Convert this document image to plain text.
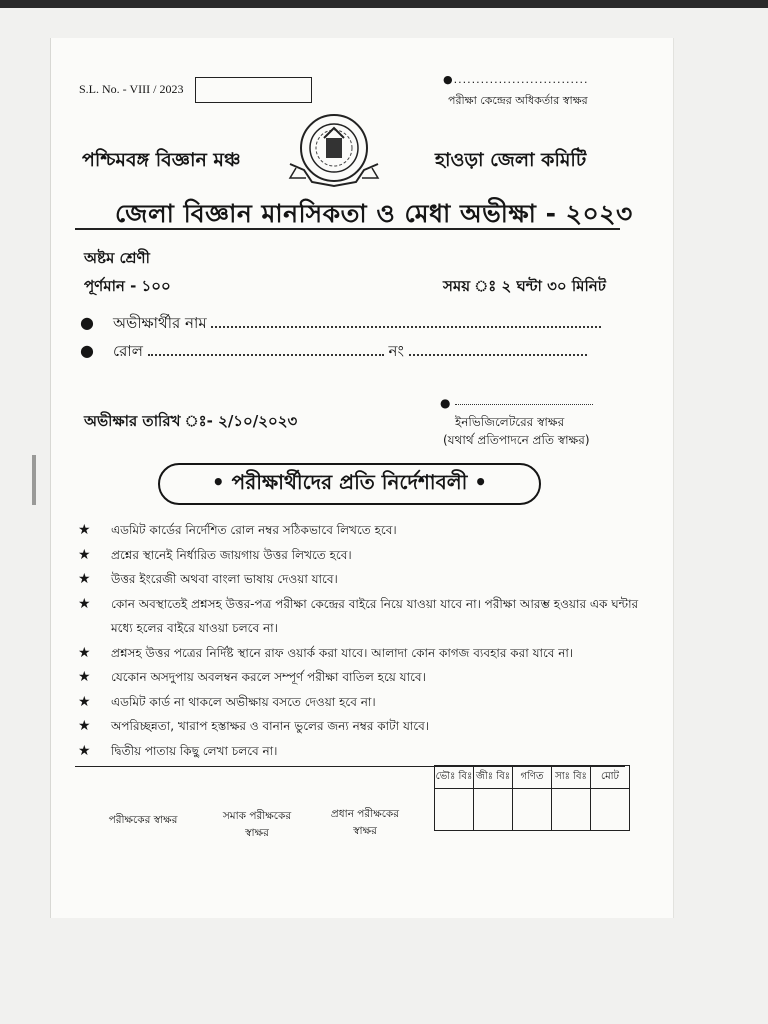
S.L. No. - VIII / 2023
●..............................
পরীক্ষা কেন্দ্রের অধিকর্তার স্বাক্ষর
পশ্চিমবঙ্গ বিজ্ঞান মঞ্চ	হাওড়া জেলা কমিটি
জেলা বিজ্ঞান মানসিকতা ও মেধা অভীক্ষা - ২০২৩
অষ্টম শ্রেণী
পূর্ণমান - ১০০	সময় ঃ ২ ঘন্টা ৩০ মিনিট
● অভীক্ষার্থীর নাম
● রোল	নং
অভীক্ষার তারিখ ঃ- ২/১০/২০২৩
●
ইনভিজিলেটরের স্বাক্ষর
(যথার্থ প্রতিপাদনে প্রতি স্বাক্ষর)
• পরীক্ষার্থীদের প্রতি নির্দেশাবলী •
★ এডমিট কার্ডের নির্দেশিত রোল নম্বর সঠিকভাবে লিখতে হবে।
★ প্রশ্নের স্থানেই নির্ধারিত জায়গায় উত্তর লিখতে হবে।
★ উত্তর ইংরেজী অথবা বাংলা ভাষায় দেওয়া যাবে।
★ কোন অবস্থাতেই প্রশ্নসহ উত্তর-পত্র পরীক্ষা কেন্দ্রের বাইরে নিয়ে যাওয়া যাবে না। পরীক্ষা আরম্ভ হওয়ার এক ঘন্টার মধ্যে হলের বাইরে যাওয়া চলবে না।
★ প্রশ্নসহ উত্তর পত্রের নির্দিষ্ট স্থানে রাফ ওয়ার্ক করা যাবে। আলাদা কোন কাগজ ব্যবহার করা যাবে না।
★ যেকোন অসদুপায় অবলম্বন করলে সম্পূর্ণ পরীক্ষা বাতিল হয়ে যাবে।
★ এডমিট কার্ড না থাকলে অভীক্ষায় বসতে দেওয়া হবে না।
★ অপরিচ্ছন্নতা, খারাপ হস্তাক্ষর ও বানান ভুলের জন্য নম্বর কাটা যাবে।
★ দ্বিতীয় পাতায় কিছু লেখা চলবে না।
পরীক্ষকের স্বাক্ষর	সমাক পরীক্ষকের স্বাক্ষর
প্রধান পরীক্ষকের স্বাক্ষর
ভৌঃ বিঃ	জীঃ বিঃ	গণিত	সাঃ বিঃ	মোট
